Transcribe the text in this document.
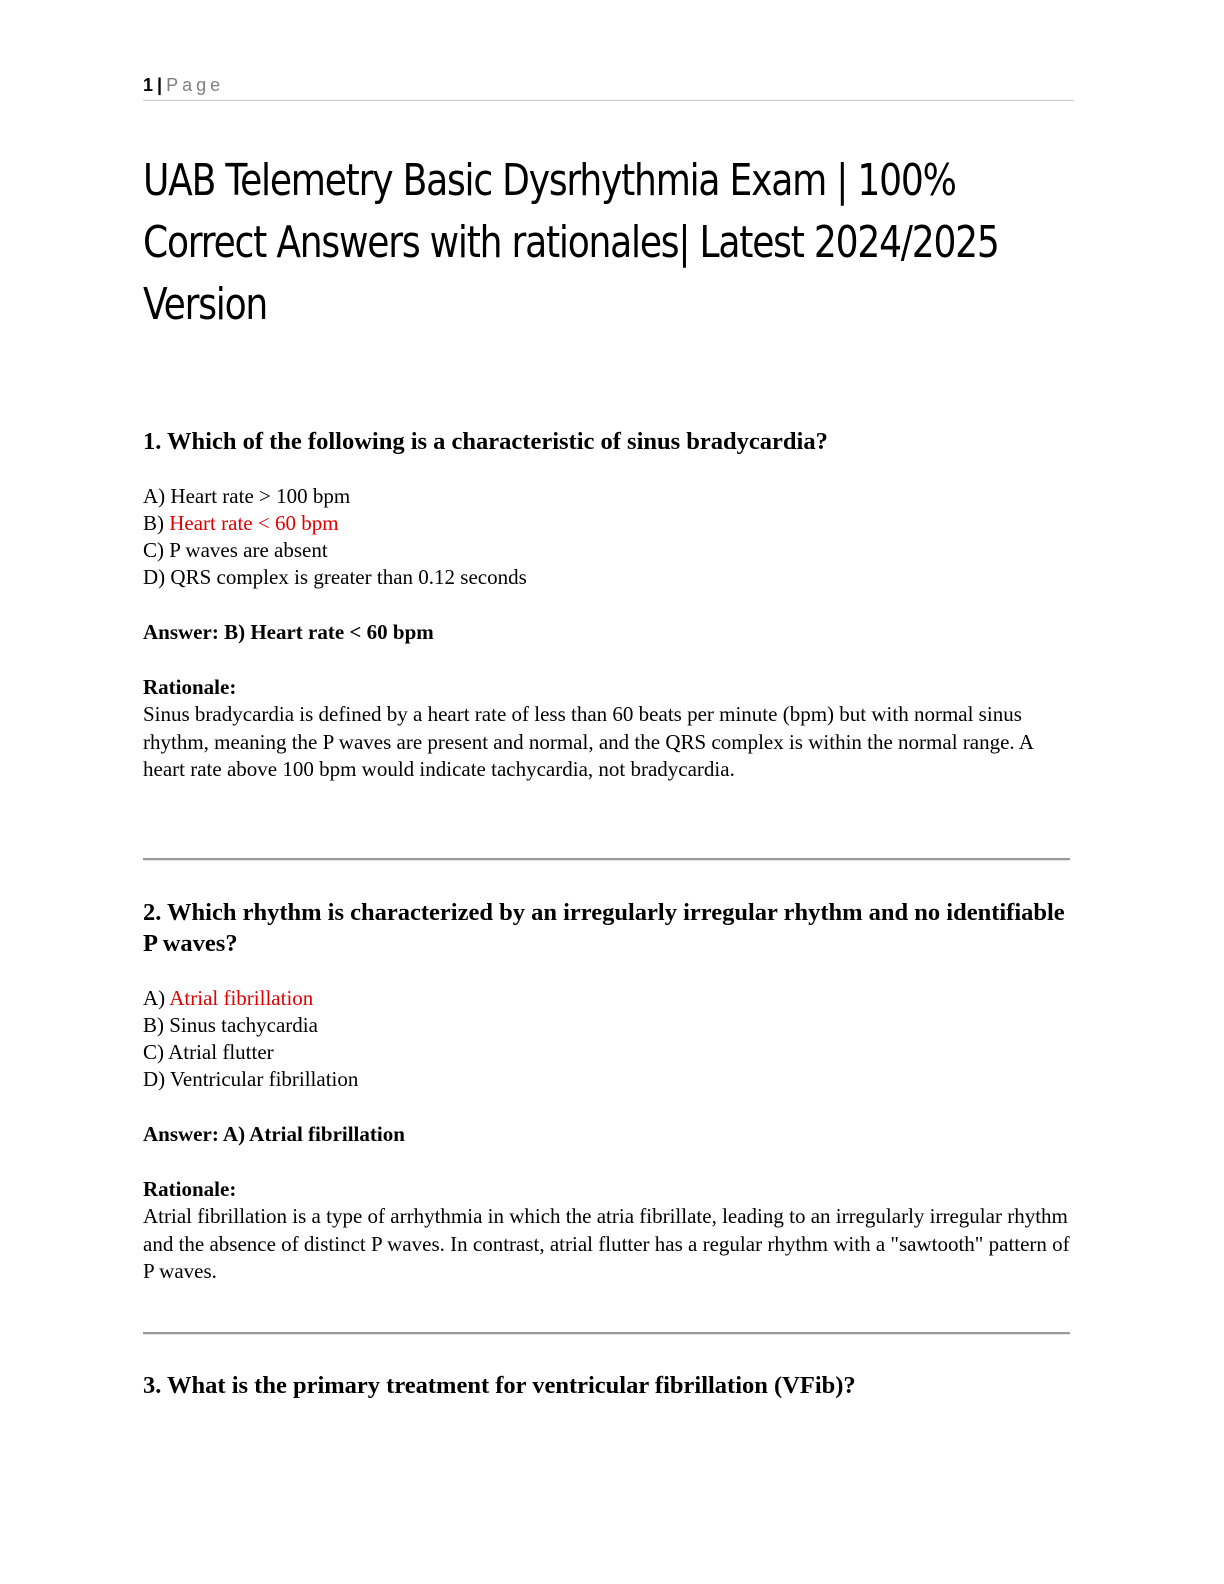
1 | Page
UAB Telemetry Basic Dysrhythmia Exam | 100% Correct Answers with rationales| Latest 2024/2025 Version

1. Which of the following is a characteristic of sinus bradycardia?

A) Heart rate > 100 bpm
B) Heart rate < 60 bpm
C) P waves are absent
D) QRS complex is greater than 0.12 seconds

Answer: B) Heart rate < 60 bpm

Rationale:

Sinus bradycardia is defined by a heart rate of less than 60 beats per minute (bpm) but with normal sinus rhythm, meaning the P waves are present and normal, and the QRS complex is within the normal range. A heart rate above 100 bpm would indicate tachycardia, not bradycardia.

2. Which rhythm is characterized by an irregularly irregular rhythm and no identifiable P waves?

A) Atrial fibrillation
B) Sinus tachycardia
C) Atrial flutter
D) Ventricular fibrillation

Answer: A) Atrial fibrillation

Rationale:

Atrial fibrillation is a type of arrhythmia in which the atria fibrillate, leading to an irregularly irregular rhythm and the absence of distinct P waves. In contrast, atrial flutter has a regular rhythm with a "sawtooth" pattern of P waves.

3. What is the primary treatment for ventricular fibrillation (VFib)?
